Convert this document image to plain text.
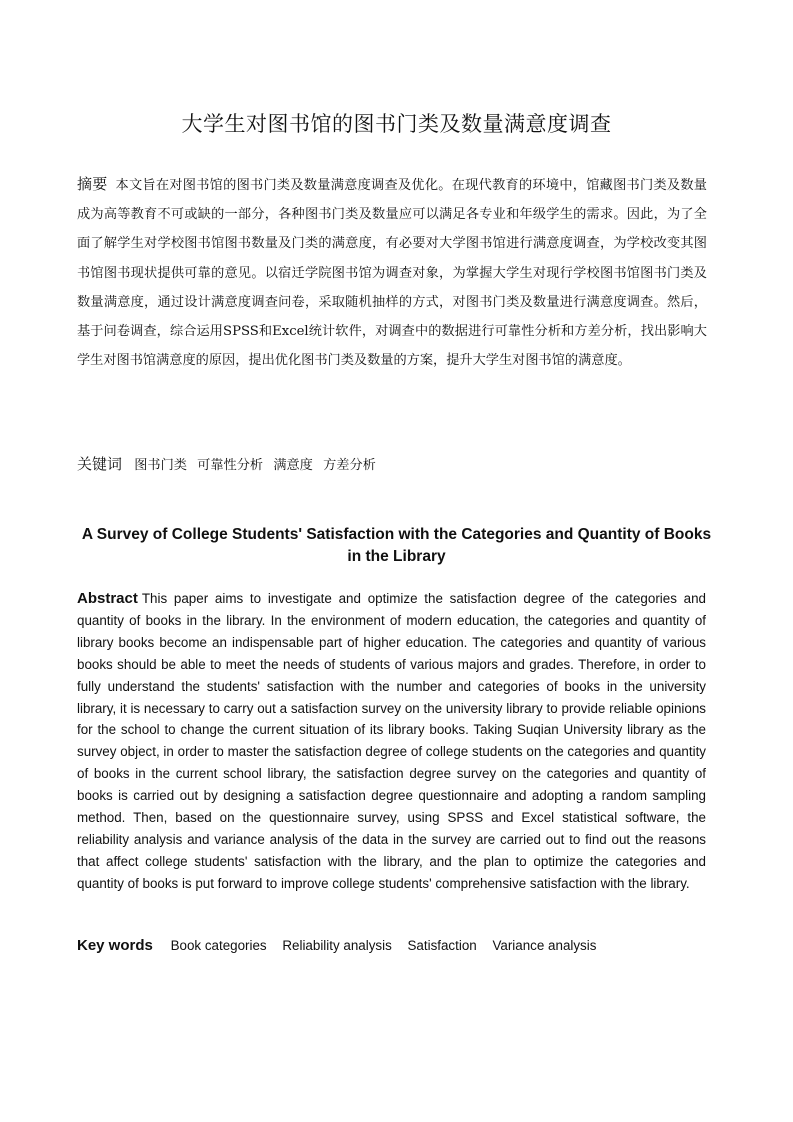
大学生对图书馆的图书门类及数量满意度调查

摘要 本文旨在对图书馆的图书门类及数量满意度调查及优化。在现代教育的环境中，馆藏图书门类及数量成为高等教育不可或缺的一部分，各种图书门类及数量应可以满足各专业和年级学生的需求。因此，为了全面了解学生对学校图书馆图书数量及门类的满意度，有必要对大学图书馆进行满意度调查，为学校改变其图书馆图书现状提供可靠的意见。以宿迁学院图书馆为调查对象，为掌握大学生对现行学校图书馆图书门类及数量满意度，通过设计满意度调查问卷，采取随机抽样的方式，对图书门类及数量进行满意度调查。然后，基于问卷调查，综合运用SPSS和Excel统计软件，对调查中的数据进行可靠性分析和方差分析，找出影响大学生对图书馆满意度的原因，提出优化图书门类及数量的方案，提升大学生对图书馆的满意度。

关键词 图书门类 可靠性分析 满意度 方差分析
A Survey of College Students' Satisfaction with the Categories and Quantity of Books in the Library

Abstract This paper aims to investigate and optimize the satisfaction degree of the categories and quantity of books in the library. In the environment of modern education, the categories and quantity of library books become an indispensable part of higher education. The categories and quantity of various books should be able to meet the needs of students of various majors and grades. Therefore, in order to fully understand the students' satisfaction with the number and categories of books in the university library, it is necessary to carry out a satisfaction survey on the university library to provide reliable opinions for the school to change the current situation of its library books. Taking Suqian University library as the survey object, in order to master the satisfaction degree of college students on the categories and quantity of books in the current school library, the satisfaction degree survey on the categories and quantity of books is carried out by designing a satisfaction degree questionnaire and adopting a random sampling method. Then, based on the questionnaire survey, using SPSS and Excel statistical software, the reliability analysis and variance analysis of the data in the survey are carried out to find out the reasons that affect college students' satisfaction with the library, and the plan to optimize the categories and quantity of books is put forward to improve college students' comprehensive satisfaction with the library.

Key words Book categories Reliability analysis Satisfaction Variance analysis
